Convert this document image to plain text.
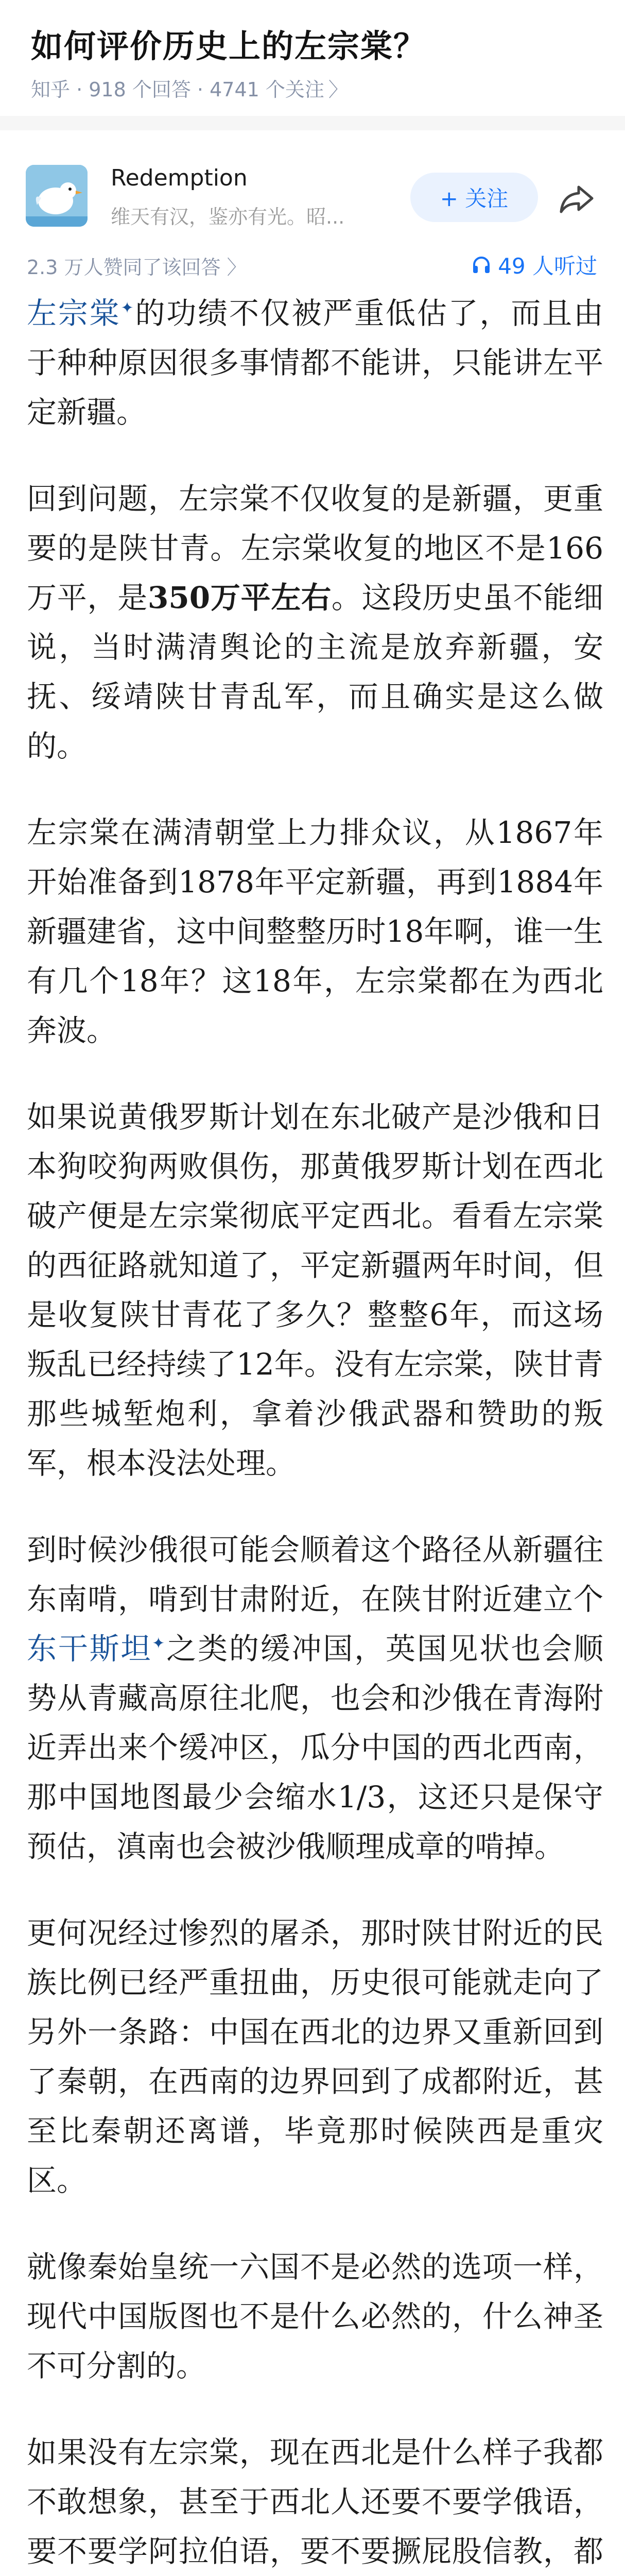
如何评价历史上的左宗棠？
知乎 · 918 个回答 · 4741 个关注 〉
Redemption
维天有汉，鉴亦有光。昭...
+ 关注
2.3 万人赞同了该回答 〉	49 人听过

左宗棠✦的功绩不仅被严重低估了，而且由于种种原因很多事情都不能讲，只能讲左平定新疆。

回到问题，左宗棠不仅收复的是新疆，更重要的是陕甘青。左宗棠收复的地区不是166万平，是350万平左右。这段历史虽不能细说，当时满清舆论的主流是放弃新疆，安抚、绥靖陕甘青乱军，而且确实是这么做的。

左宗棠在满清朝堂上力排众议，从1867年开始准备到1878年平定新疆，再到1884年新疆建省，这中间整整历时18年啊，谁一生有几个18年？这18年，左宗棠都在为西北奔波。

如果说黄俄罗斯计划在东北破产是沙俄和日本狗咬狗两败俱伤，那黄俄罗斯计划在西北破产便是左宗棠彻底平定西北。看看左宗棠的西征路就知道了，平定新疆两年时间，但是收复陕甘青花了多久？整整6年，而这场叛乱已经持续了12年。没有左宗棠，陕甘青那些城堑炮利，拿着沙俄武器和赞助的叛军，根本没法处理。

到时候沙俄很可能会顺着这个路径从新疆往东南啃，啃到甘肃附近，在陕甘附近建立个东干斯坦✦之类的缓冲国，英国见状也会顺势从青藏高原往北爬，也会和沙俄在青海附近弄出来个缓冲区，瓜分中国的西北西南，那中国地图最少会缩水1/3，这还只是保守预估，滇南也会被沙俄顺理成章的啃掉。

更何况经过惨烈的屠杀，那时陕甘附近的民族比例已经严重扭曲，历史很可能就走向了另外一条路：中国在西北的边界又重新回到了秦朝，在西南的边界回到了成都附近，甚至比秦朝还离谱，毕竟那时候陕西是重灾区。

就像秦始皇统一六国不是必然的选项一样，现代中国版图也不是什么必然的，什么神圣不可分割的。

如果没有左宗棠，现在西北是什么样子我都不敢想象，甚至于西北人还要不要学俄语，要不要学阿拉伯语，要不要撅屁股信教，都
